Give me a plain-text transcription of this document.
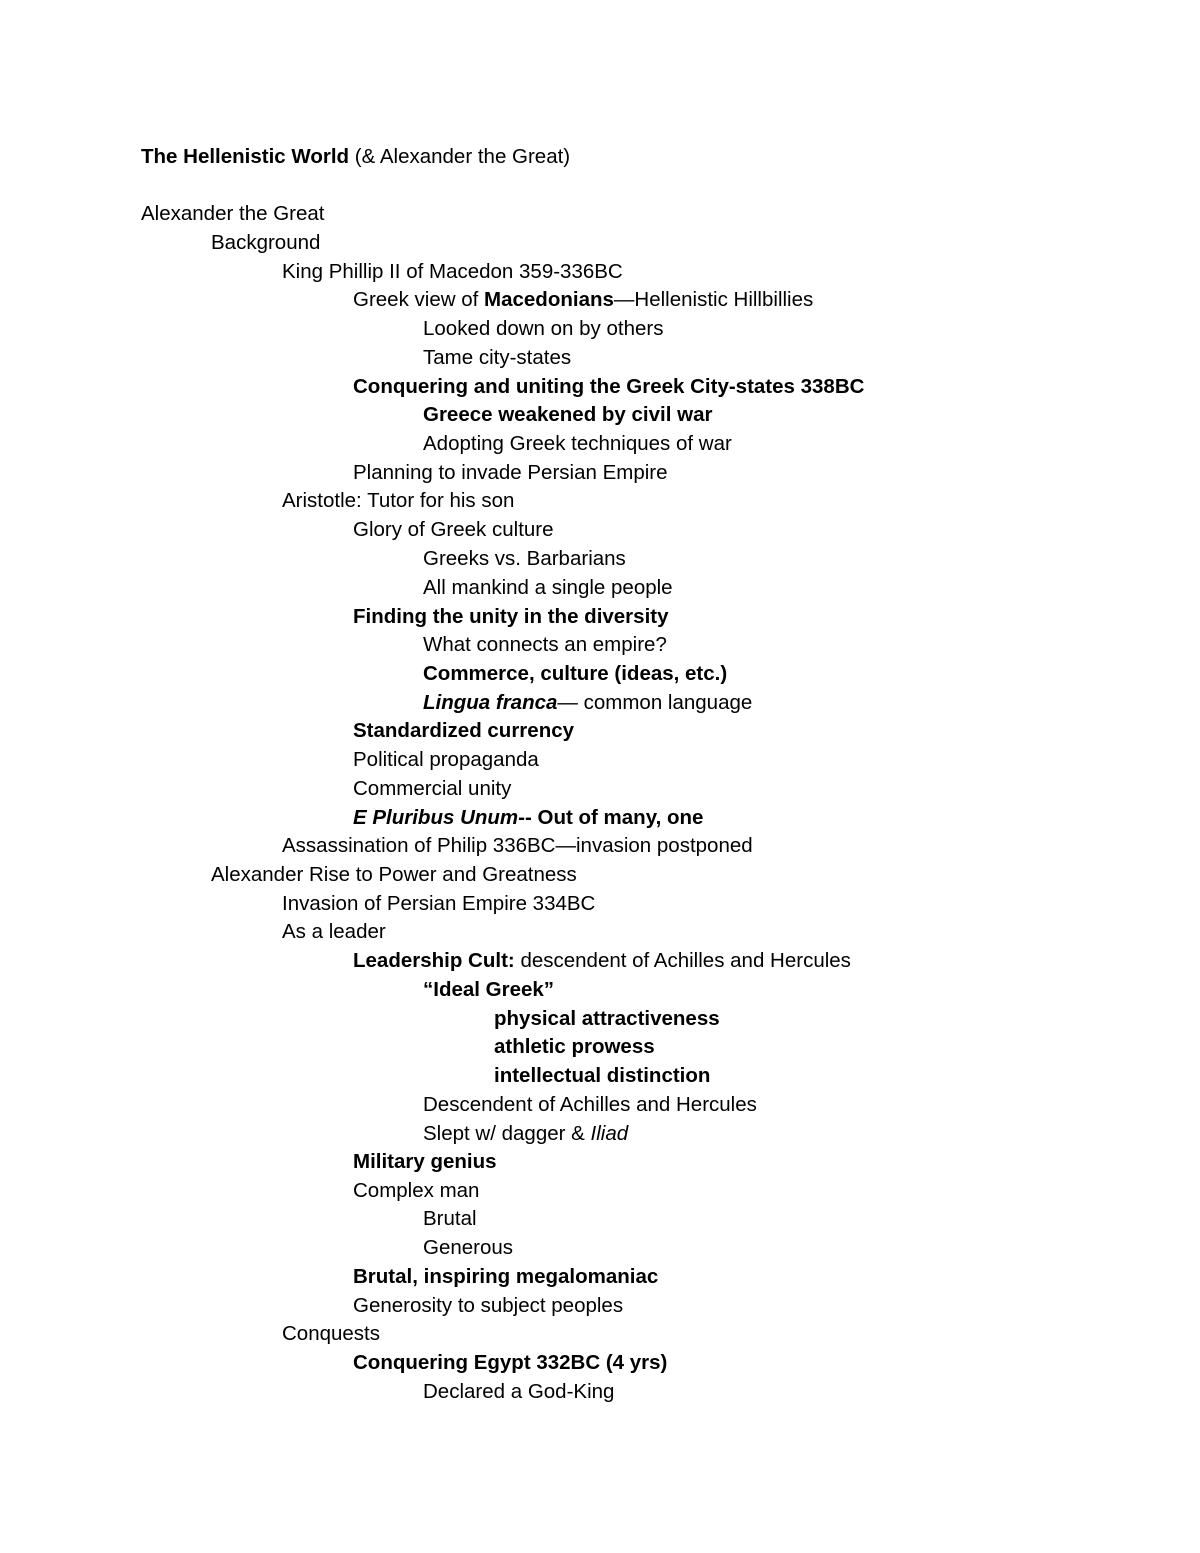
The Hellenistic World (& Alexander the Great)
Alexander the Great
Background
King Phillip II of Macedon 359-336BC
Greek view of Macedonians—Hellenistic Hillbillies
Looked down on by others
Tame city-states
Conquering and uniting the Greek City-states 338BC
Greece weakened by civil war
Adopting Greek techniques of war
Planning to invade Persian Empire
Aristotle: Tutor for his son
Glory of Greek culture
Greeks vs. Barbarians
All mankind a single people
Finding the unity in the diversity
What connects an empire?
Commerce, culture (ideas, etc.)
Lingua franca— common language
Standardized currency
Political propaganda
Commercial unity
E Pluribus Unum-- Out of many, one
Assassination of Philip 336BC—invasion postponed
Alexander Rise to Power and Greatness
Invasion of Persian Empire 334BC
As a leader
Leadership Cult: descendent of Achilles and Hercules
“Ideal Greek”
physical attractiveness
athletic prowess
intellectual distinction
Descendent of Achilles and Hercules
Slept w/ dagger & Iliad
Military genius
Complex man
Brutal
Generous
Brutal, inspiring megalomaniac
Generosity to subject peoples
Conquests
Conquering Egypt 332BC (4 yrs)
Declared a God-King
